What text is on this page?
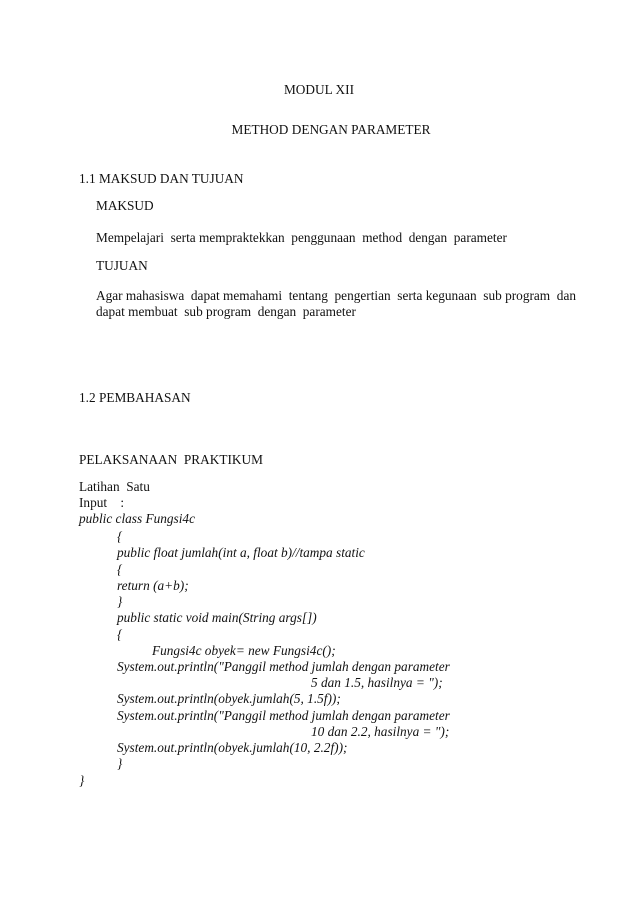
MODUL XII
METHOD DENGAN PARAMETER
1.1 MAKSUD DAN TUJUAN
MAKSUD
Mempelajari  serta mempraktekkan  penggunaan  method  dengan  parameter
TUJUAN
Agar mahasiswa  dapat memahami  tentang  pengertian  serta kegunaan  sub program  dan
dapat membuat  sub program  dengan  parameter
1.2 PEMBAHASAN
PELAKSANAAN  PRAKTIKUM
Latihan  Satu
Input    :
public class Fungsi4c
{
public float jumlah(int a, float b)//tampa static
{
return (a+b);
}
public static void main(String args[])
{
Fungsi4c obyek= new Fungsi4c();
System.out.println("Panggil method jumlah dengan parameter
5 dan 1.5, hasilnya = ");
System.out.println(obyek.jumlah(5, 1.5f));
System.out.println("Panggil method jumlah dengan parameter
10 dan 2.2, hasilnya = ");
System.out.println(obyek.jumlah(10, 2.2f));
}
}
